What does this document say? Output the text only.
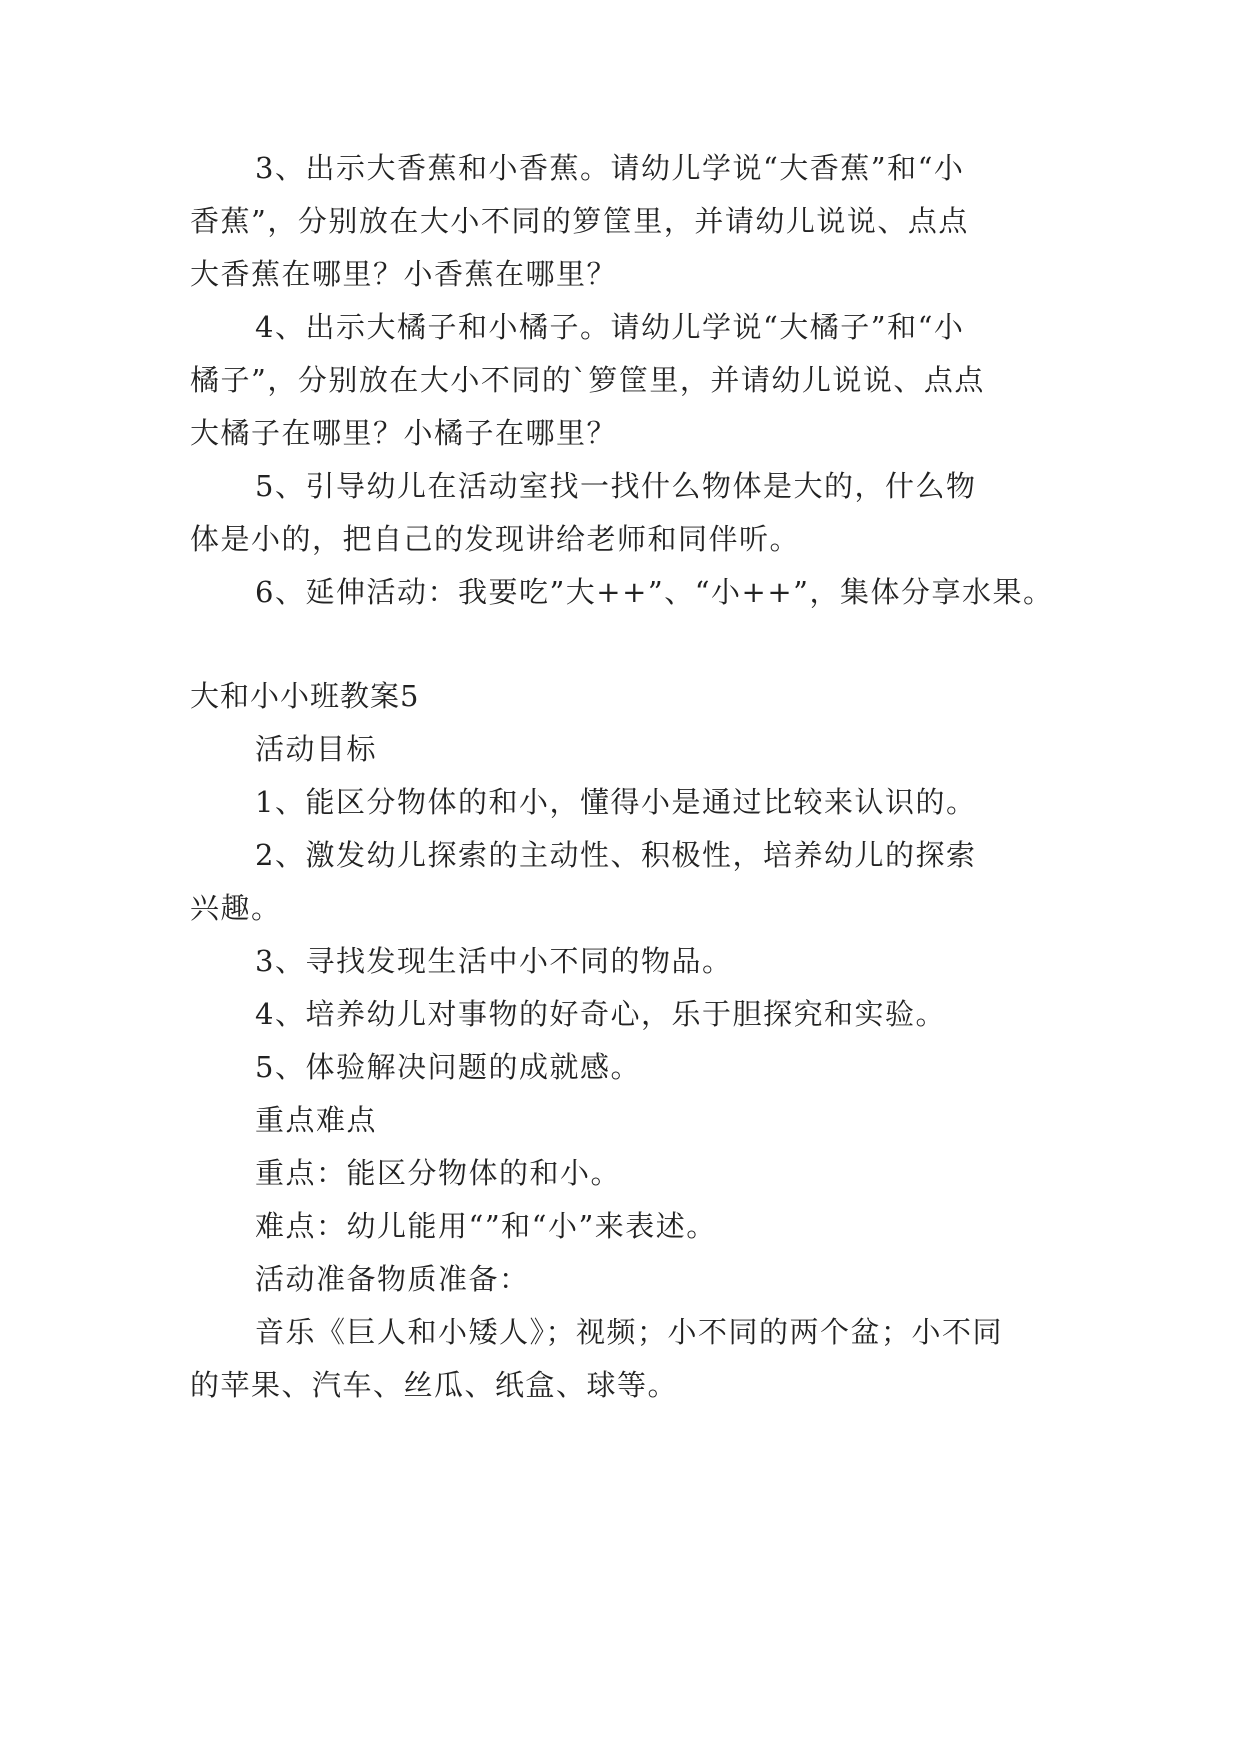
3、出示大香蕉和小香蕉。请幼儿学说“大香蕉”和“小
香蕉”，分别放在大小不同的箩筐里，并请幼儿说说、点点
大香蕉在哪里？小香蕉在哪里？
4、出示大橘子和小橘子。请幼儿学说“大橘子”和“小
橘子”，分别放在大小不同的`箩筐里，并请幼儿说说、点点
大橘子在哪里？小橘子在哪里？
5、引导幼儿在活动室找一找什么物体是大的，什么物
体是小的，把自己的发现讲给老师和同伴听。
6、延伸活动：我要吃”大++”、“小++”，集体分享水果。
大和小小班教案5
活动目标
1、能区分物体的和小，懂得小是通过比较来认识的。
2、激发幼儿探索的主动性、积极性，培养幼儿的探索
兴趣。
3、寻找发现生活中小不同的物品。
4、培养幼儿对事物的好奇心，乐于胆探究和实验。
5、体验解决问题的成就感。
重点难点
重点：能区分物体的和小。
难点：幼儿能用“”和“小”来表述。
活动准备物质准备：
音乐《巨人和小矮人》；视频；小不同的两个盆；小不同
的苹果、汽车、丝瓜、纸盒、球等。
